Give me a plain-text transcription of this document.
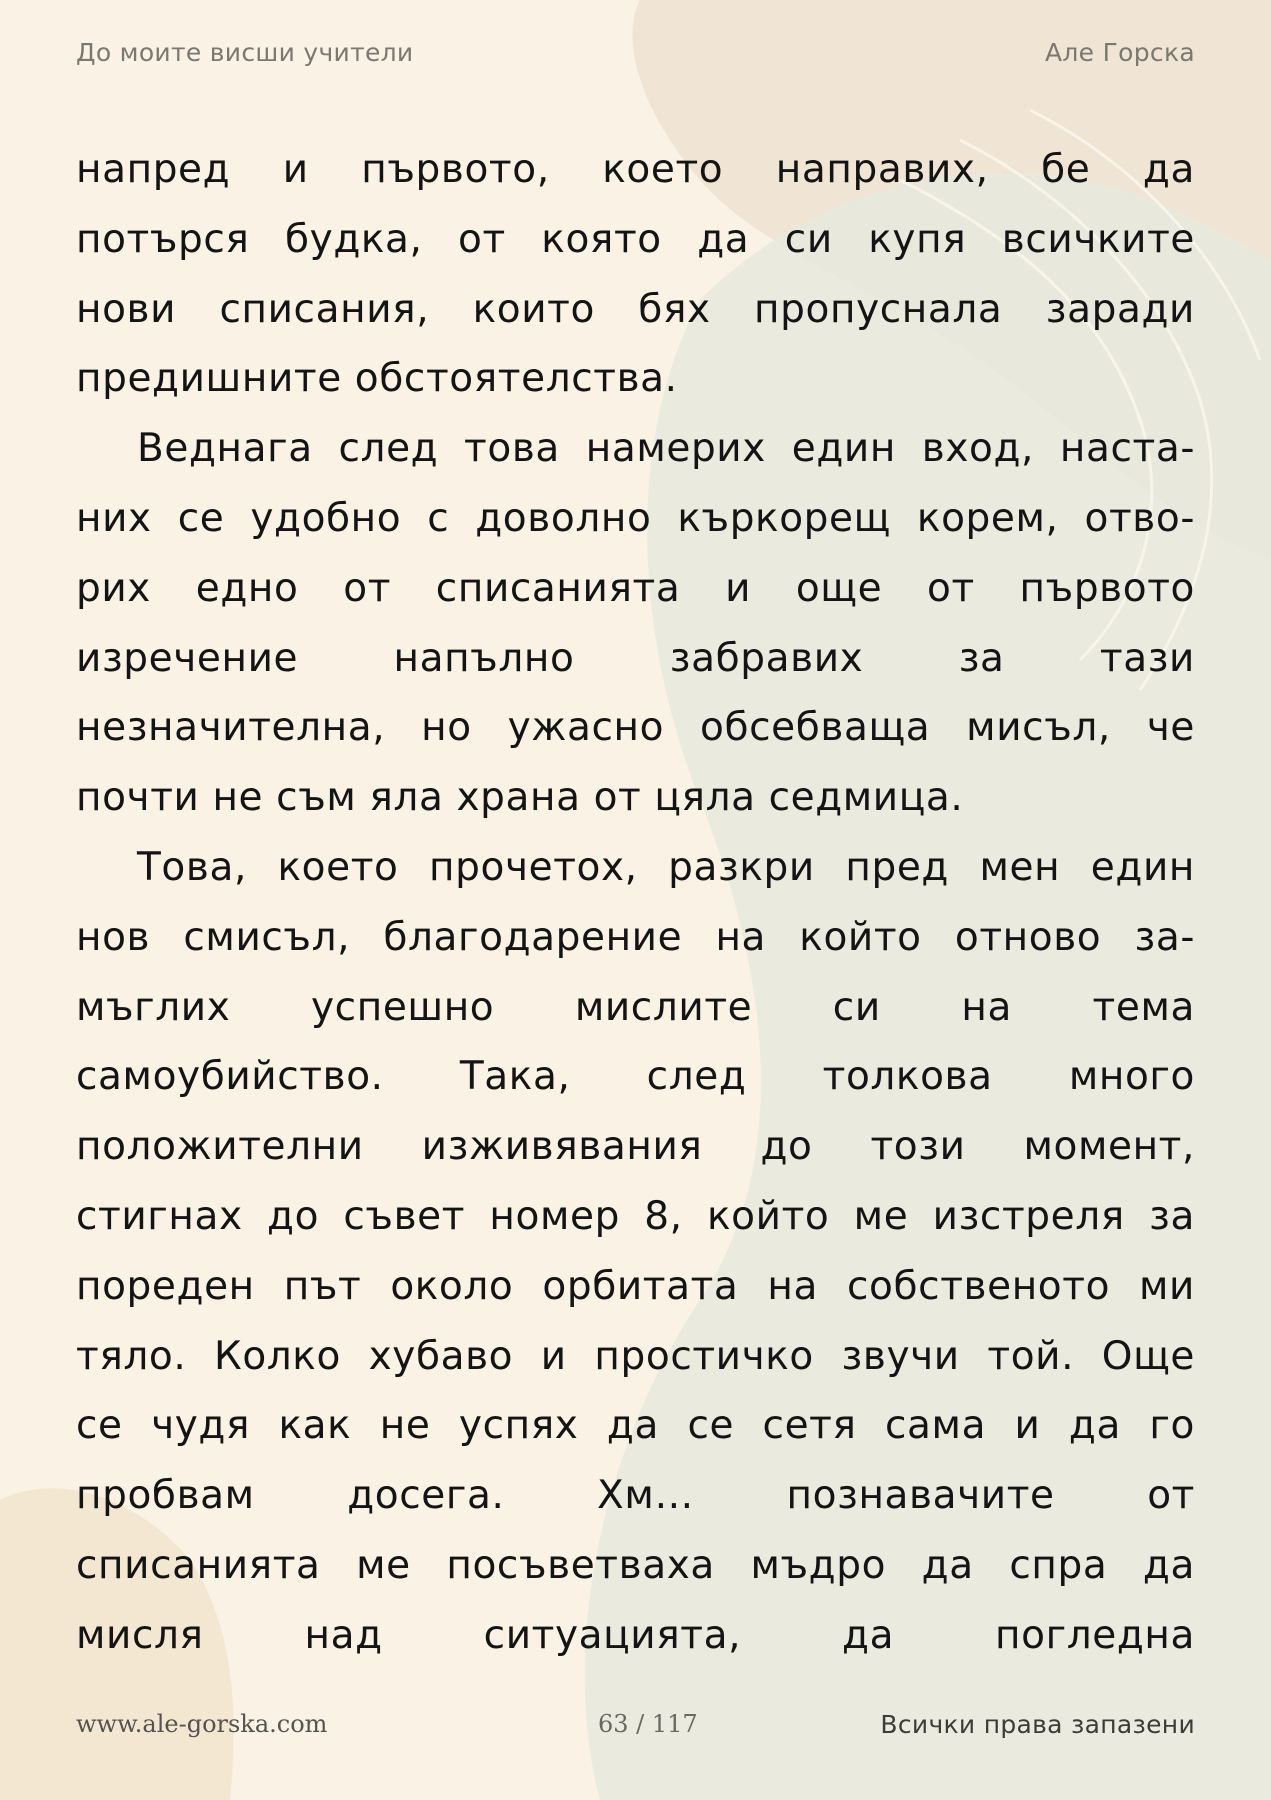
До моите висши учители	Але Горска

напред и първото, което направих, бе да
потърся будка, от която да си купя всичките
нови списания, които бях пропуснала заради
предишните обстоятелства.

Веднага след това намерих един вход, наста-
них се удобно с доволно къркорещ корем, отво-
рих едно от списанията и още от първото
изречение напълно забравих за тази
незначителна, но ужасно обсебваща мисъл, че
почти не съм яла храна от цяла седмица.

Това, което прочетох, разкри пред мен един
нов смисъл, благодарение на който отново за-
мъглих успешно мислите си на тема
самоубийство. Така, след толкова много
положителни изживявания до този момент,
стигнах до съвет номер 8, който ме изстреля за
пореден път около орбитата на собственото ми
тяло. Колко хубаво и простичко звучи той. Още
се чудя как не успях да се сетя сама и да го
пробвам досега. Хм… познавачите от
списанията ме посъветваха мъдро да спра да
мисля над ситуацията, да погледна

www.ale-gorska.com	63 / 117	Всички права запазени
